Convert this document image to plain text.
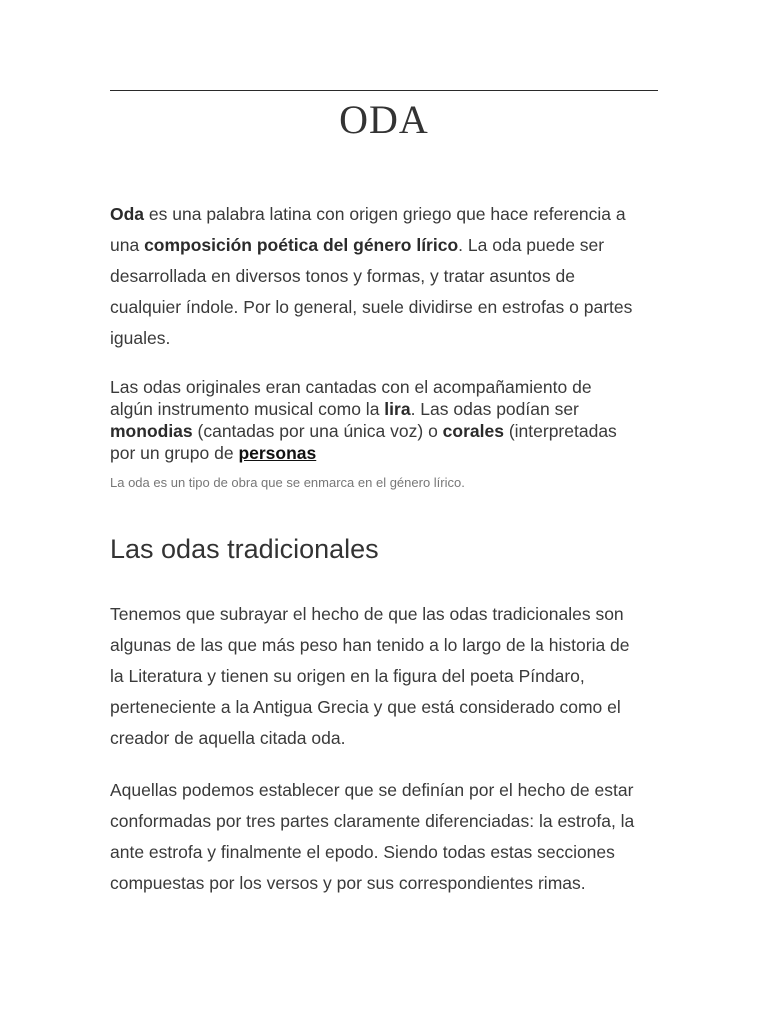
ODA

Oda es una palabra latina con origen griego que hace referencia a una composición poética del género lírico. La oda puede ser desarrollada en diversos tonos y formas, y tratar asuntos de cualquier índole. Por lo general, suele dividirse en estrofas o partes iguales.

Las odas originales eran cantadas con el acompañamiento de algún instrumento musical como la lira. Las odas podían ser monodias (cantadas por una única voz) o corales (interpretadas por un grupo de personas

La oda es un tipo de obra que se enmarca en el género lírico.
Las odas tradicionales

Tenemos que subrayar el hecho de que las odas tradicionales son algunas de las que más peso han tenido a lo largo de la historia de la Literatura y tienen su origen en la figura del poeta Píndaro, perteneciente a la Antigua Grecia y que está considerado como el creador de aquella citada oda.

Aquellas podemos establecer que se definían por el hecho de estar conformadas por tres partes claramente diferenciadas: la estrofa, la ante estrofa y finalmente el epodo. Siendo todas estas secciones compuestas por los versos y por sus correspondientes rimas.
